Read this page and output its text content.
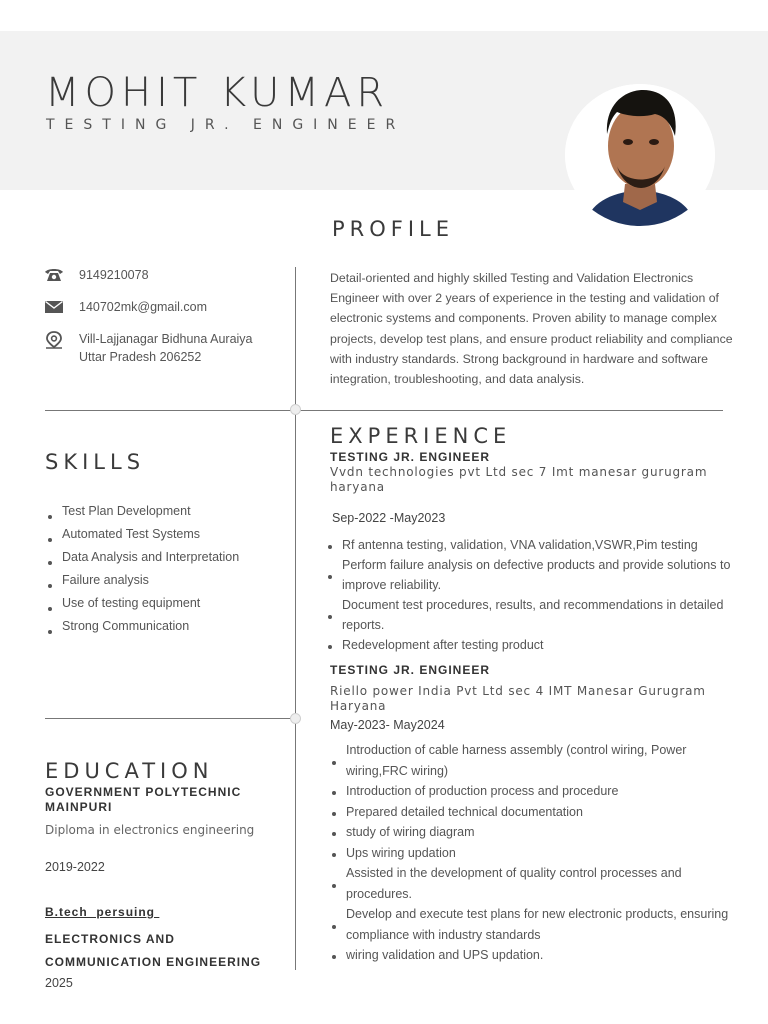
MOHIT KUMAR
TESTING JR. ENGINEER
PROFILE
Detail-oriented and highly skilled Testing and Validation Electronics Engineer with over 2 years of experience in the testing and validation of electronic systems and components. Proven ability to manage complex projects, develop test plans, and ensure product reliability and compliance with industry standards. Strong background in hardware and software integration, troubleshooting, and data analysis.
9149210078
140702mk@gmail.com
Vill-Lajjanagar Bidhuna Auraiya
Uttar Pradesh 206252
SKILLS
Test Plan Development
Automated Test Systems
Data Analysis and Interpretation
Failure analysis
Use of testing equipment
Strong Communication
EXPERIENCE
TESTING JR. ENGINEER
Vvdn technologies pvt Ltd sec 7 Imt manesar gurugram haryana
Sep-2022 -May2023
Rf antenna testing, validation, VNA validation,VSWR,Pim testing
Perform failure analysis on defective products and provide solutions to improve reliability.
Document test procedures, results, and recommendations in detailed reports.
Redevelopment after testing product
TESTING JR. ENGINEER
Riello power India Pvt Ltd sec 4 IMT Manesar Gurugram Haryana
May-2023- May2024
Introduction of cable harness assembly (control wiring, Power wiring,FRC wiring)
Introduction of production process and procedure
Prepared detailed technical documentation
study of wiring diagram
Ups wiring updation
Assisted in the development of quality control processes and procedures.
Develop and execute test plans for new electronic products, ensuring compliance with industry standards
wiring validation and UPS updation.
EDUCATION
GOVERNMENT POLYTECHNIC MAINPURI
Diploma in electronics engineering
2019-2022
B.tech  persuing
ELECTRONICS AND COMMUNICATION ENGINEERING
2025
